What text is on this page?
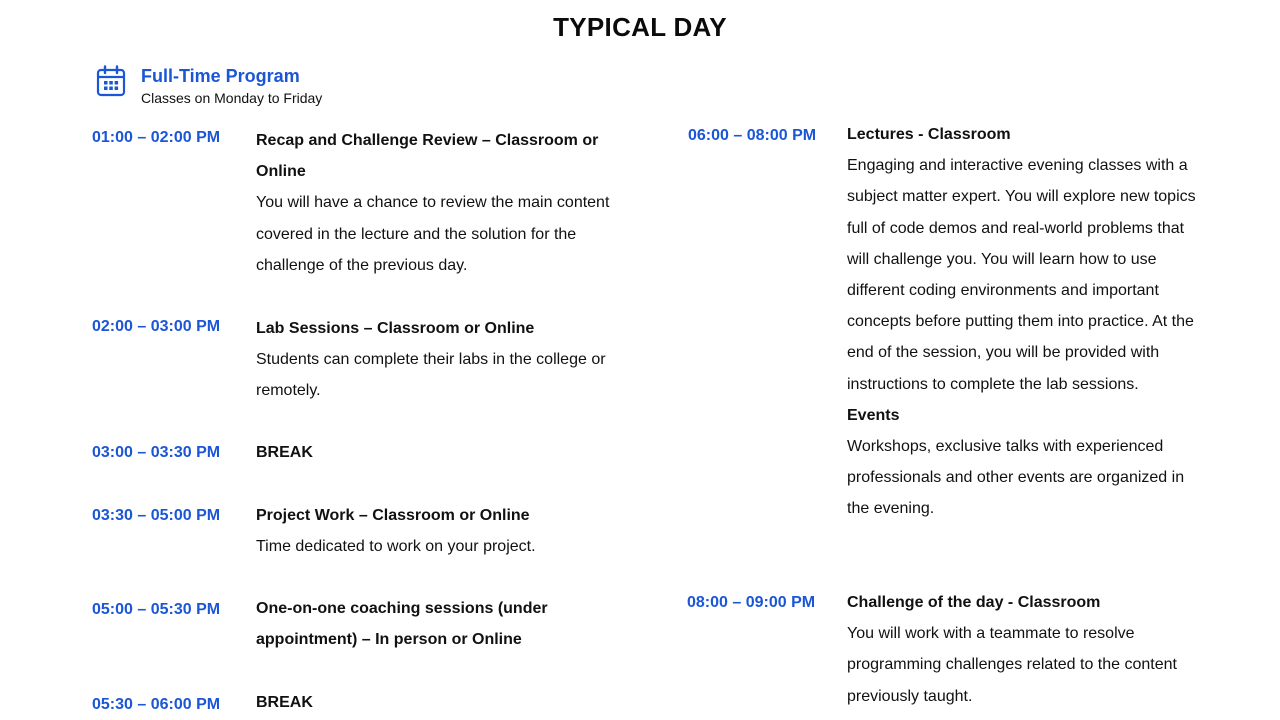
TYPICAL DAY
Full-Time Program
Classes on Monday to Friday
01:00 – 02:00 PM Recap and Challenge Review – Classroom or Online
You will have a chance to review the main content covered in the lecture and the solution for the challenge of the previous day.
02:00 – 03:00 PM Lab Sessions – Classroom or Online
Students can complete their labs in the college or remotely.
03:00 – 03:30 PM BREAK
03:30 – 05:00 PM Project Work – Classroom or Online
Time dedicated to work on your project.
05:00 – 05:30 PM One-on-one coaching sessions (under appointment) – In person or Online
05:30 – 06:00 PM BREAK
06:00 – 08:00 PM Lectures - Classroom
Engaging and interactive evening classes with a subject matter expert. You will explore new topics full of code demos and real-world problems that will challenge you. You will learn how to use different coding environments and important concepts before putting them into practice. At the end of the session, you will be provided with instructions to complete the lab sessions.
Events
Workshops, exclusive talks with experienced professionals and other events are organized in the evening.
08:00 – 09:00 PM Challenge of the day - Classroom
You will work with a teammate to resolve programming challenges related to the content previously taught.
